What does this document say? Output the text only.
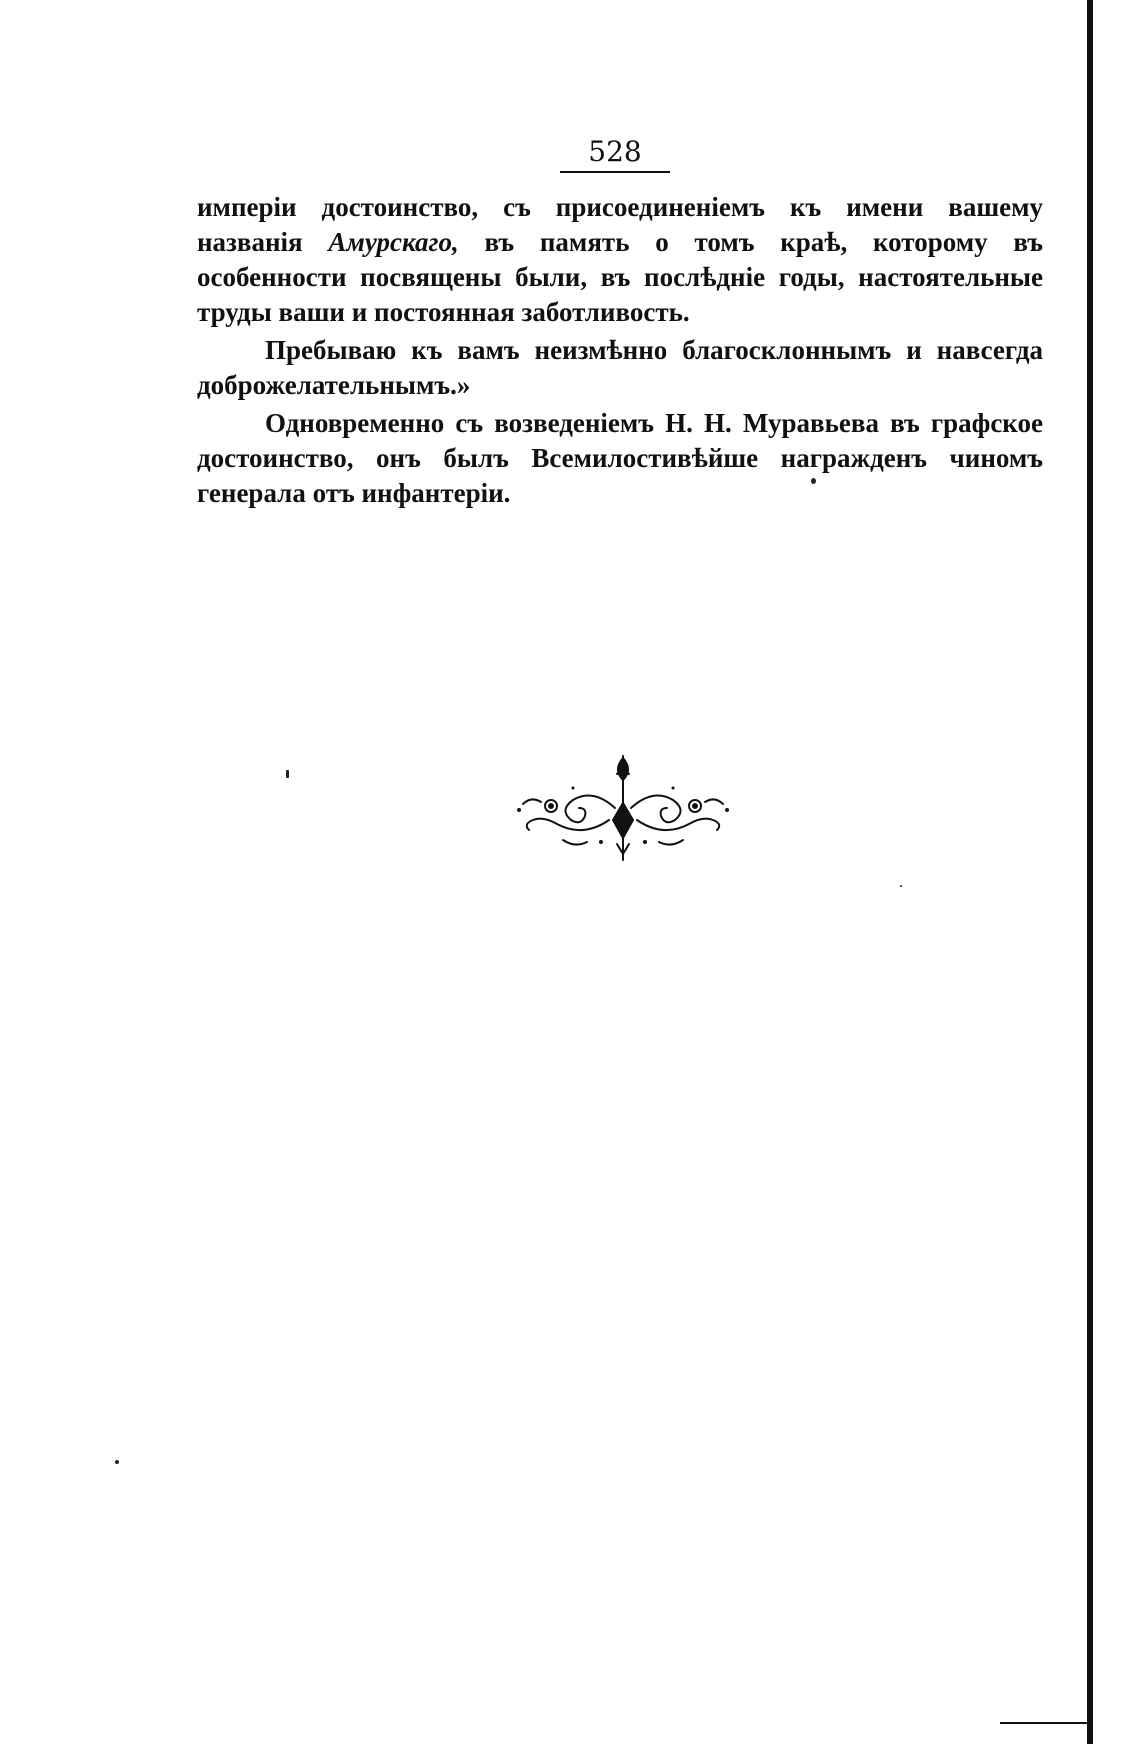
528

имперіи достоинство, съ присоединеніемъ къ имени вашему названія Амурскаго, въ память о томъ краѣ, которому въ особенности посвящены были, въ послѣдніе годы, настоятельные труды ваши и постоянная заботливость.

Пребываю къ вамъ неизмѣнно благосклоннымъ и навсегда доброжелательнымъ.»

Одновременно съ возведеніемъ Н. Н. Муравьева въ графское достоинство, онъ былъ Всемилостивѣйше награжденъ чиномъ генерала отъ инфантеріи.
